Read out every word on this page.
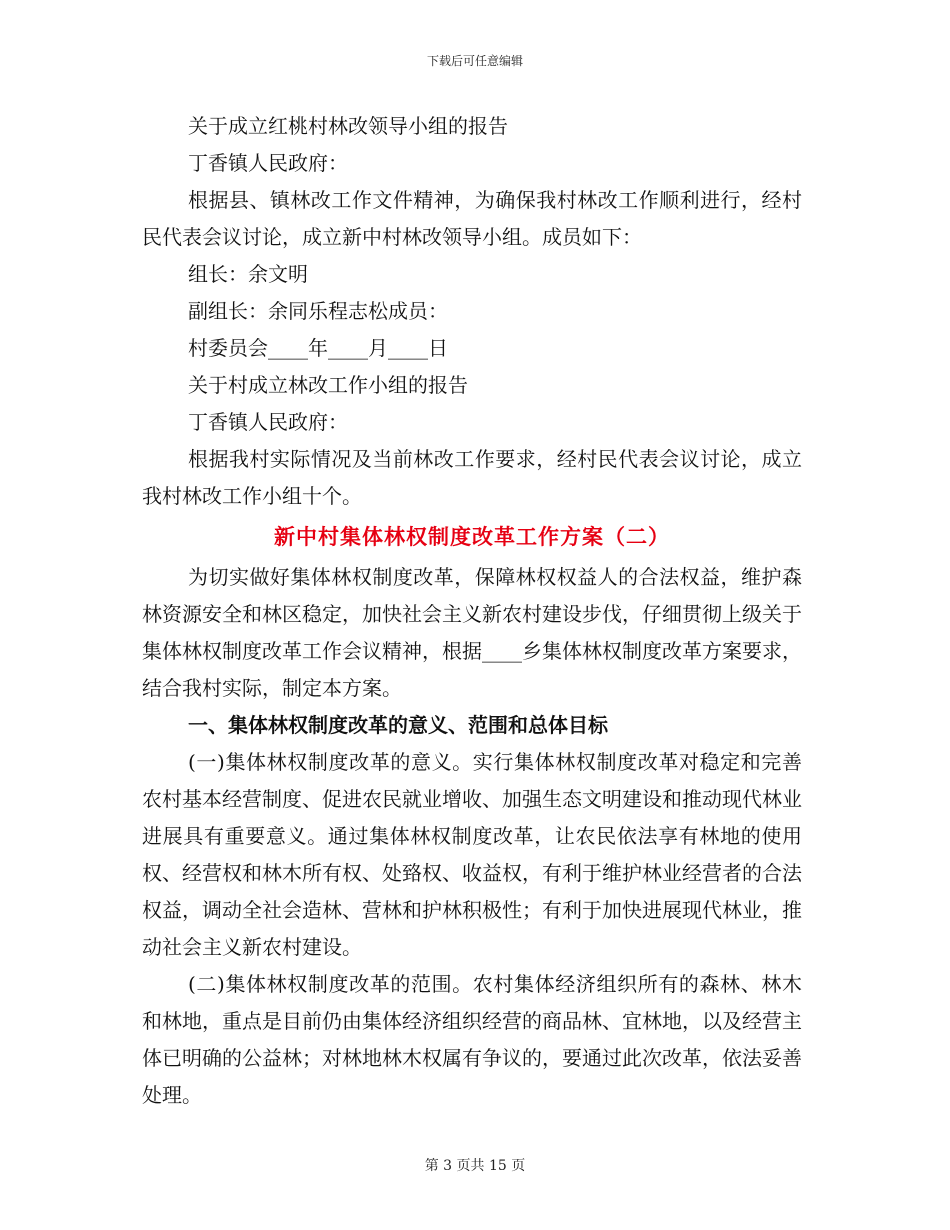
下载后可任意编辑

关于成立红桃村林改领导小组的报告

丁香镇人民政府：

根据县、镇林改工作文件精神，为确保我村林改工作顺利进行，经村民代表会议讨论，成立新中村林改领导小组。成员如下：

组长：余文明

副组长：余同乐程志松成员：

村委员会____年____月____日

关于村成立林改工作小组的报告

丁香镇人民政府：

根据我村实际情况及当前林改工作要求，经村民代表会议讨论，成立我村林改工作小组十个。

新中村集体林权制度改革工作方案（二）

为切实做好集体林权制度改革，保障林权权益人的合法权益，维护森林资源安全和林区稳定，加快社会主义新农村建设步伐，仔细贯彻上级关于集体林权制度改革工作会议精神，根据____乡集体林权制度改革方案要求，结合我村实际，制定本方案。

一、集体林权制度改革的意义、范围和总体目标

(一)集体林权制度改革的意义。实行集体林权制度改革对稳定和完善农村基本经营制度、促进农民就业增收、加强生态文明建设和推动现代林业进展具有重要意义。通过集体林权制度改革，让农民依法享有林地的使用权、经营权和林木所有权、处臵权、收益权，有利于维护林业经营者的合法权益，调动全社会造林、营林和护林积极性；有利于加快进展现代林业，推动社会主义新农村建设。

(二)集体林权制度改革的范围。农村集体经济组织所有的森林、林木和林地，重点是目前仍由集体经济组织经营的商品林、宜林地，以及经营主体已明确的公益林；对林地林木权属有争议的，要通过此次改革，依法妥善处理。

第 3 页共 15 页
